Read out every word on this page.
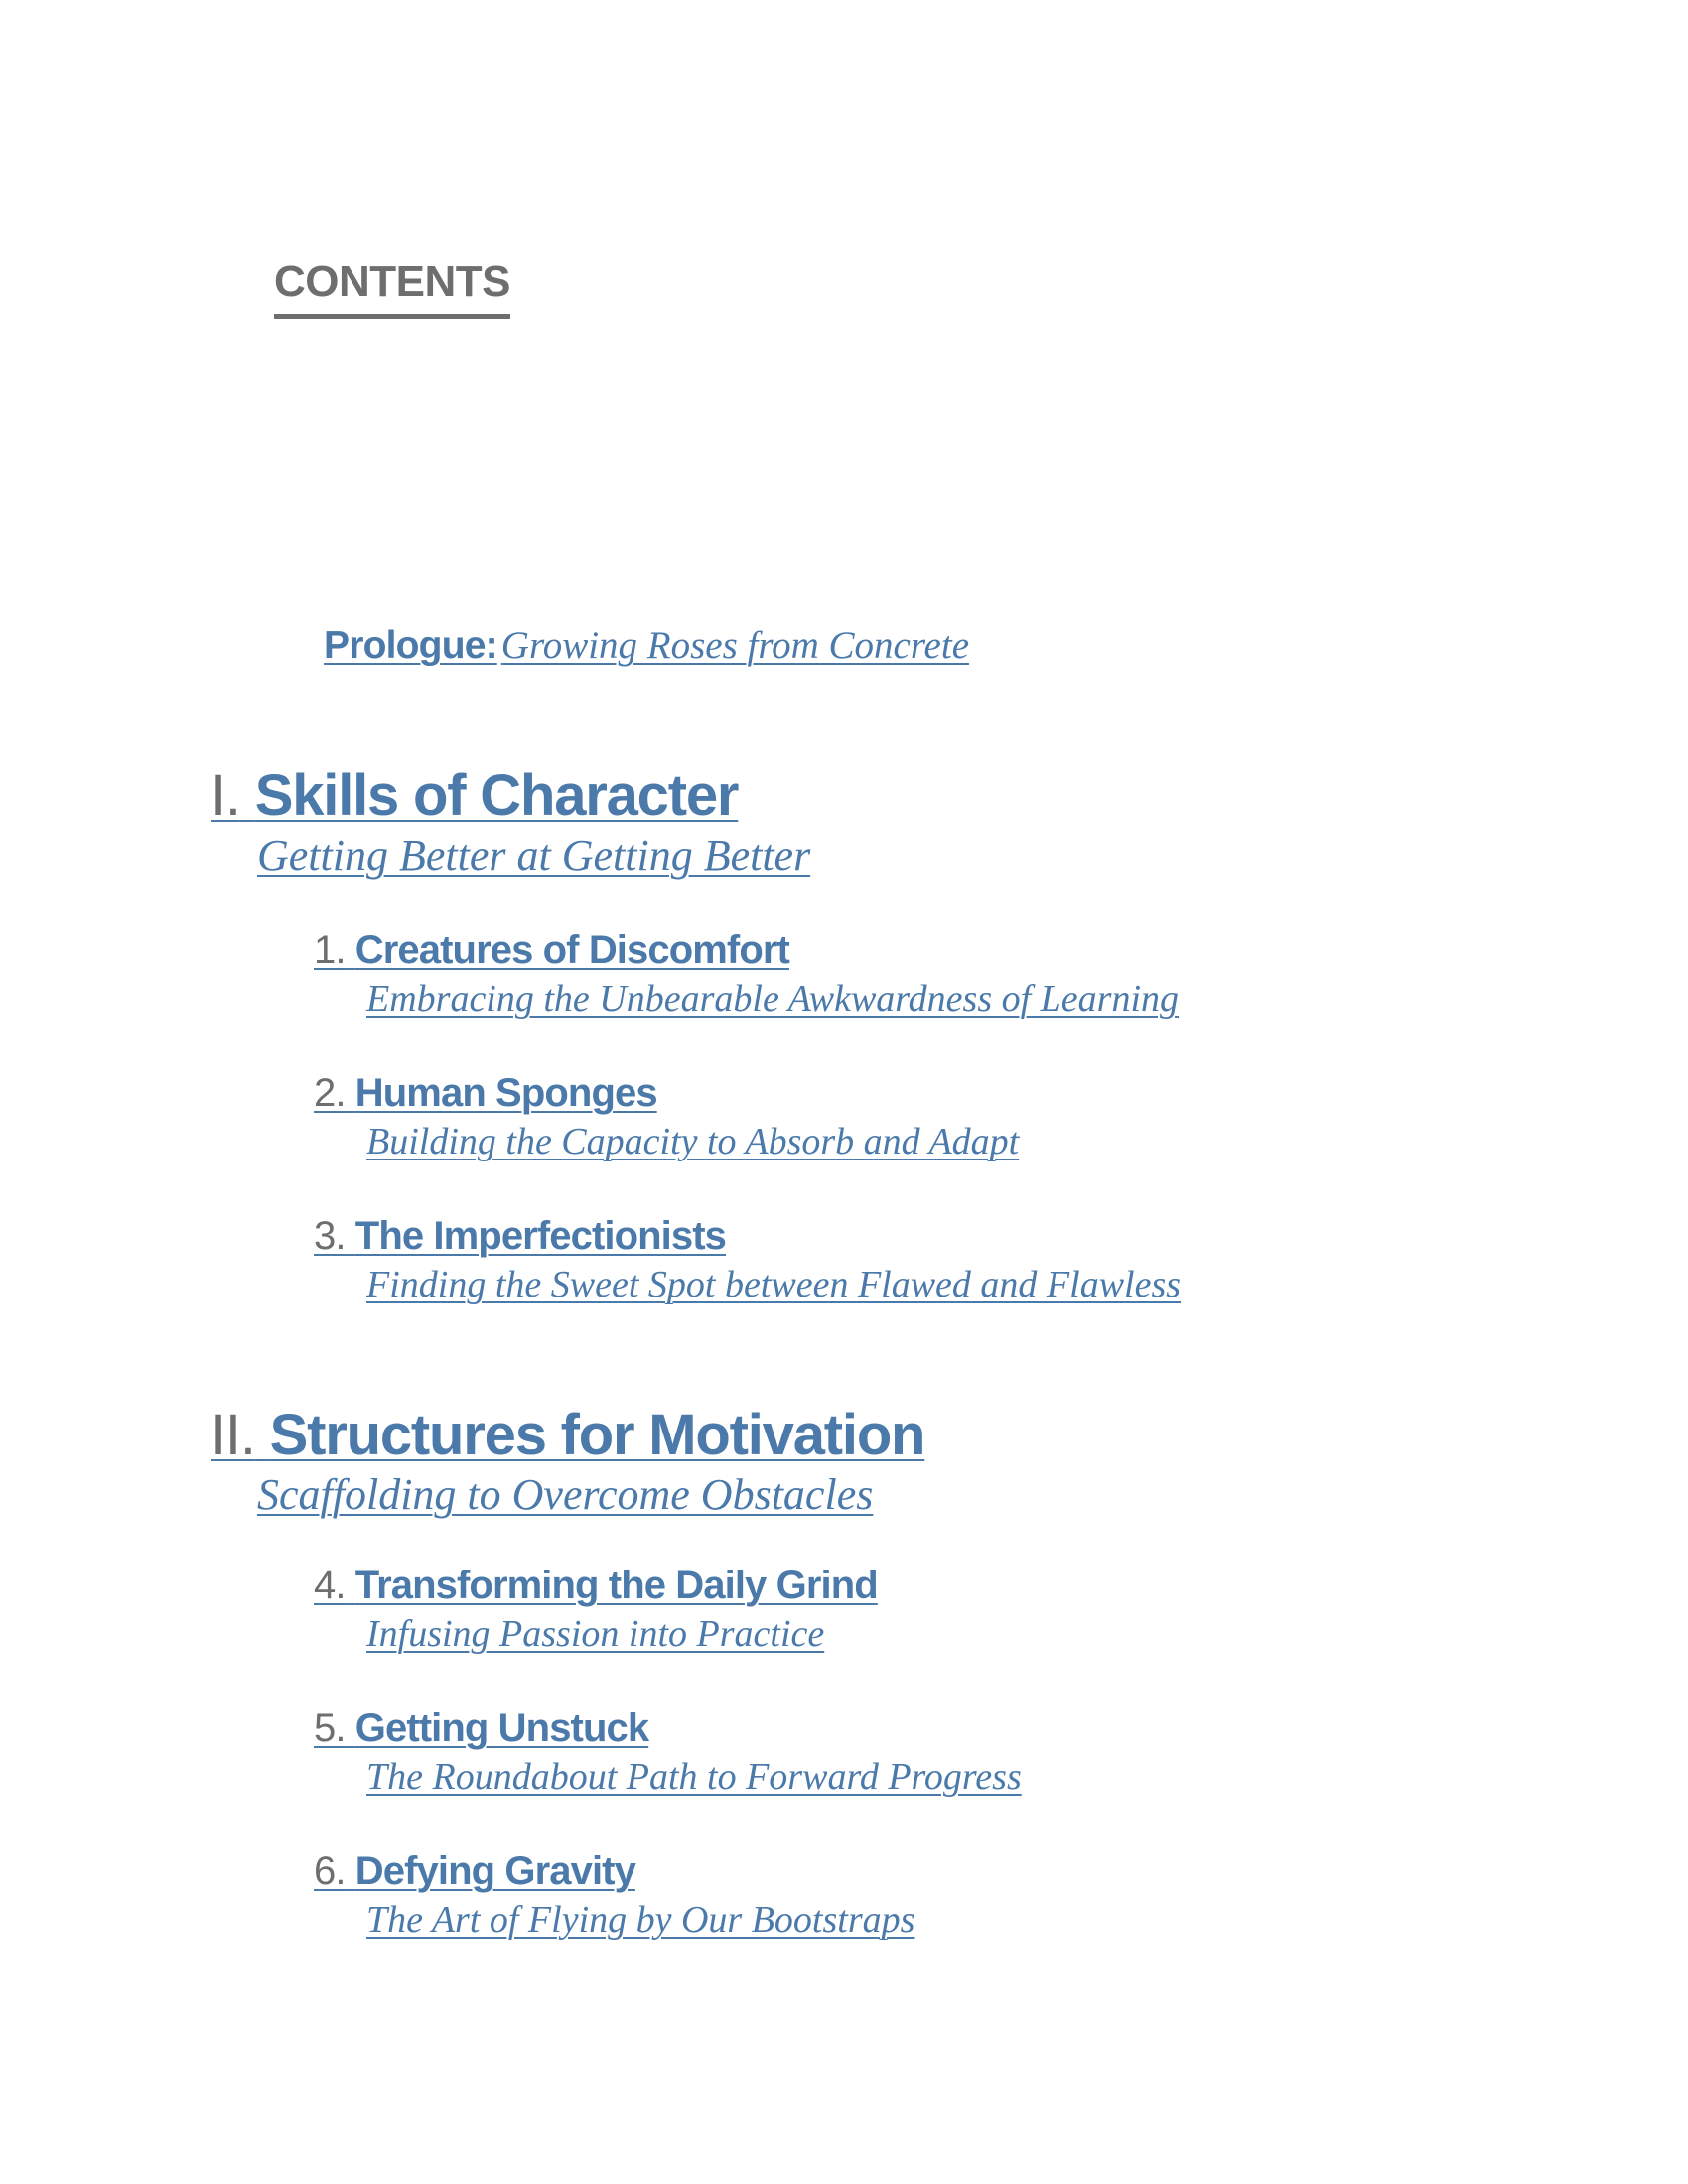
CONTENTS
Prologue: Growing Roses from Concrete
I. Skills of Character
Getting Better at Getting Better
1. Creatures of Discomfort
Embracing the Unbearable Awkwardness of Learning
2. Human Sponges
Building the Capacity to Absorb and Adapt
3. The Imperfectionists
Finding the Sweet Spot between Flawed and Flawless
II. Structures for Motivation
Scaffolding to Overcome Obstacles
4. Transforming the Daily Grind
Infusing Passion into Practice
5. Getting Unstuck
The Roundabout Path to Forward Progress
6. Defying Gravity
The Art of Flying by Our Bootstraps
